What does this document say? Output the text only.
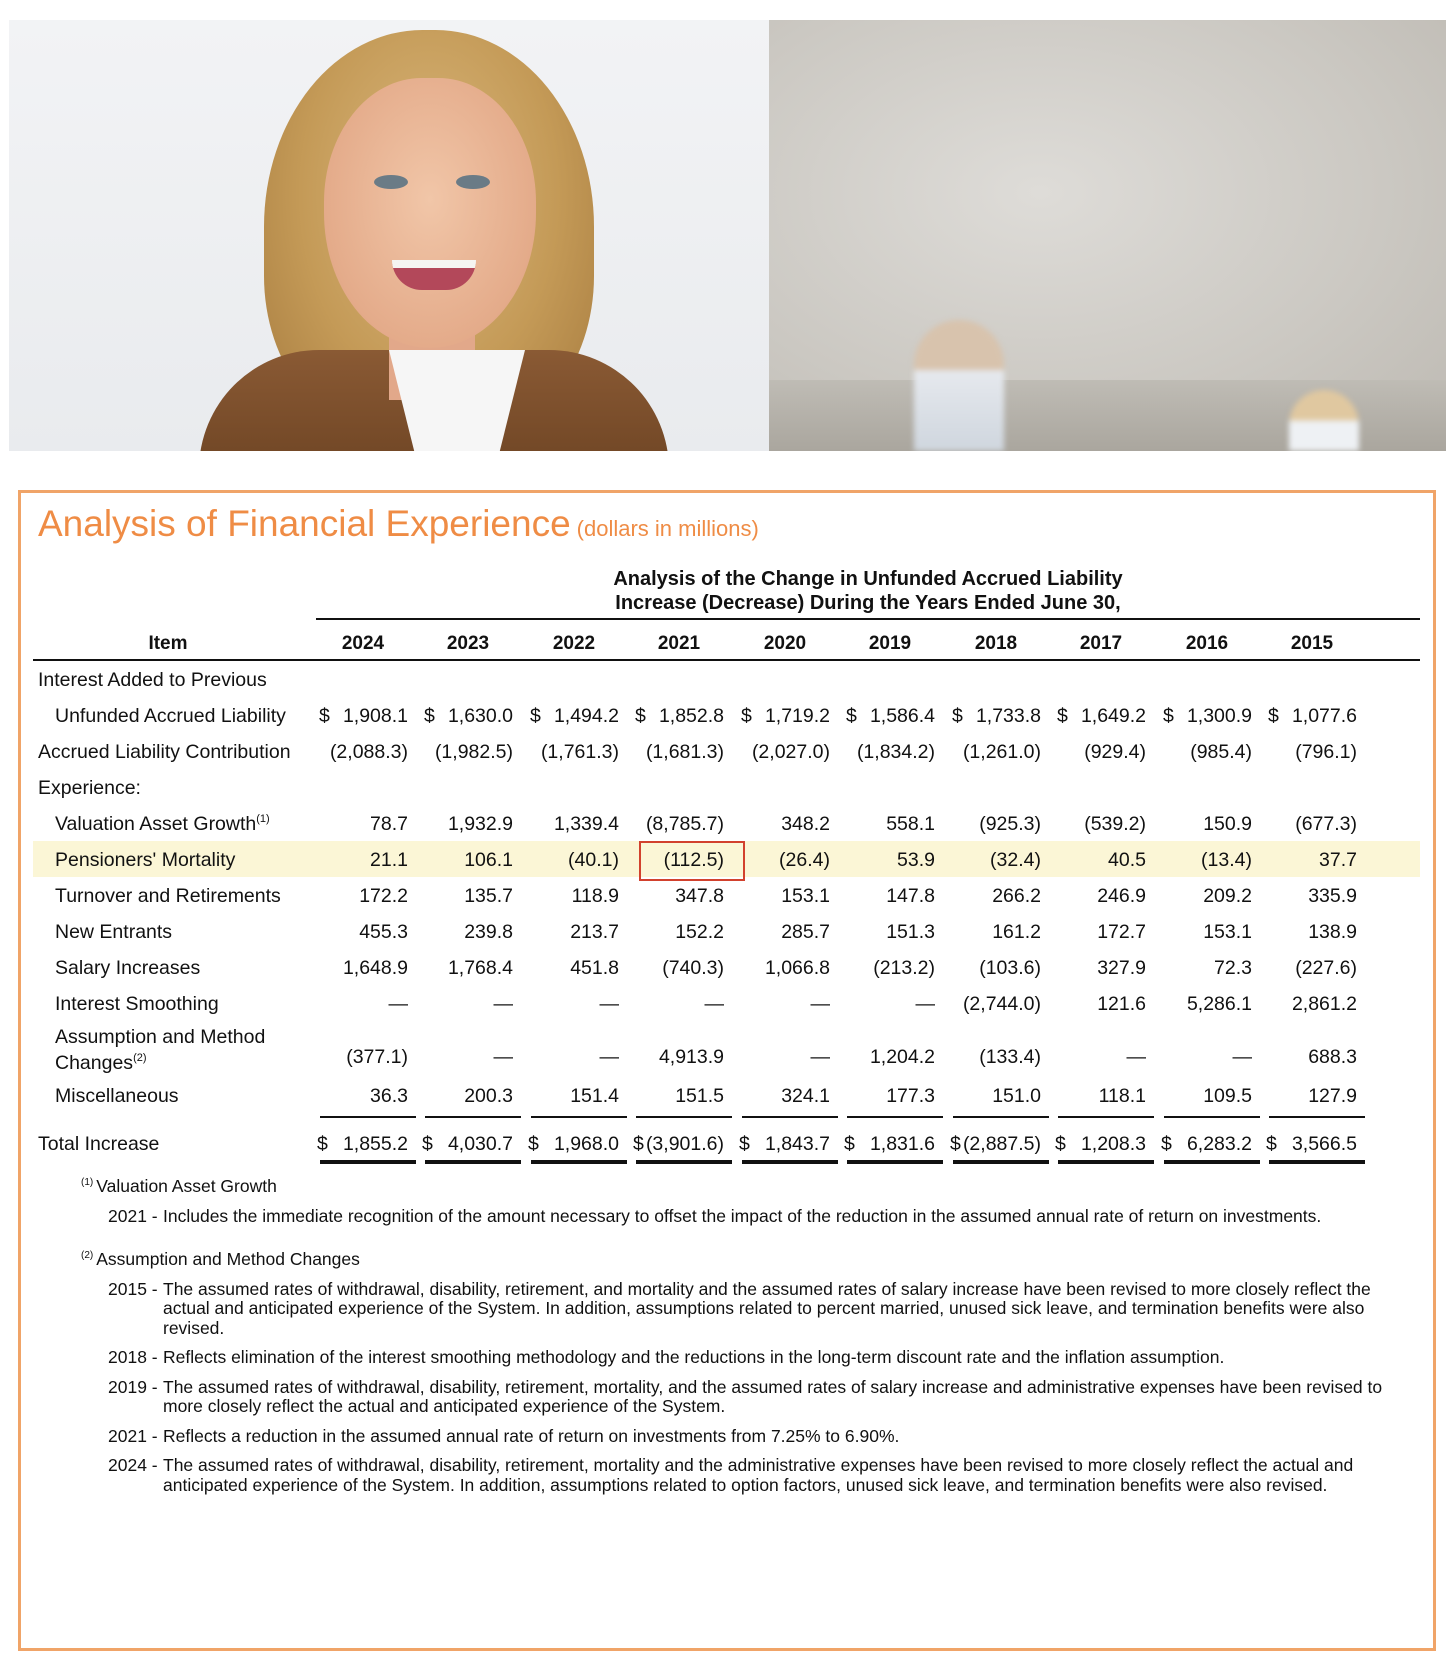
Analysis of Financial Experience (dollars in millions)
Analysis of the Change in Unfunded Accrued Liability
Increase (Decrease) During the Years Ended June 30,
Item	2024	2023	2022	2021	2020	2019	2018	2017	2016	2015
Interest Added to Previous
Unfunded Accrued Liability $ 1,908.1 $ 1,630.0 $ 1,494.2 $ 1,852.8 $ 1,719.2 $ 1,586.4 $ 1,733.8 $ 1,649.2 $ 1,300.9 $ 1,077.6
Accrued Liability Contribution	(2,088.3)	(1,982.5)	(1,761.3)	(1,681.3)	(2,027.0)	(1,834.2)	(1,261.0)	(929.4)	(985.4)	(796.1)
Experience:
Valuation Asset Growth$^{(1)}$	78.7	1,932.9	1,339.4	(8,785.7)	348.2	558.1	(925.3)	(539.2)	150.9	(677.3)
Pensioners' Mortality	21.1	106.1	(40.1)	(112.5)	(26.4)	53.9	(32.4)	40.5	(13.4)	37.7
Turnover and Retirements	172.2	135.7	118.9	347.8	153.1	147.8	266.2	246.9	209.2	335.9
New Entrants	455.3	239.8	213.7	152.2	285.7	151.3	161.2	172.7	153.1	138.9
Salary Increases	1,648.9	1,768.4	451.8	(740.3)	1,066.8	(213.2)	(103.6)	327.9	72.3	(227.6)
Interest Smoothing	—	—	—	—	—	—	(2,744.0)	121.6	5,286.1	2,861.2
Assumption and Method Changes$^{(2)}$	(377.1)	—	—	4,913.9	—	1,204.2	(133.4)	—	—	688.3
Miscellaneous	36.3	200.3	151.4	151.5	324.1	177.3	151.0	118.1	109.5	127.9
Total Increase	$ 1,855.2 $ 4,030.7 $ 1,968.0 $ (3,901.6) $ 1,843.7 $ 1,831.6 $ (2,887.5) $ 1,208.3 $ 6,283.2 $ 3,566.5
$^{(1)}$ Valuation Asset Growth
2021 - Includes the immediate recognition of the amount necessary to offset the impact of the reduction in the assumed annual rate of return on investments.
$^{(2)}$ Assumption and Method Changes
2015 - The assumed rates of withdrawal, disability, retirement, and mortality and the assumed rates of salary increase have been revised to more closely reflect the actual and anticipated experience of the System. In addition, assumptions related to percent married, unused sick leave, and termination benefits were also revised.
2018 - Reflects elimination of the interest smoothing methodology and the reductions in the long-term discount rate and the inflation assumption.
2019 - The assumed rates of withdrawal, disability, retirement, mortality, and the assumed rates of salary increase and administrative expenses have been revised to more closely reflect the actual and anticipated experience of the System.
2021 - Reflects a reduction in the assumed annual rate of return on investments from 7.25% to 6.90%.
2024 - The assumed rates of withdrawal, disability, retirement, mortality and the administrative expenses have been revised to more closely reflect the actual and anticipated experience of the System. In addition, assumptions related to option factors, unused sick leave, and termination benefits were also revised.
